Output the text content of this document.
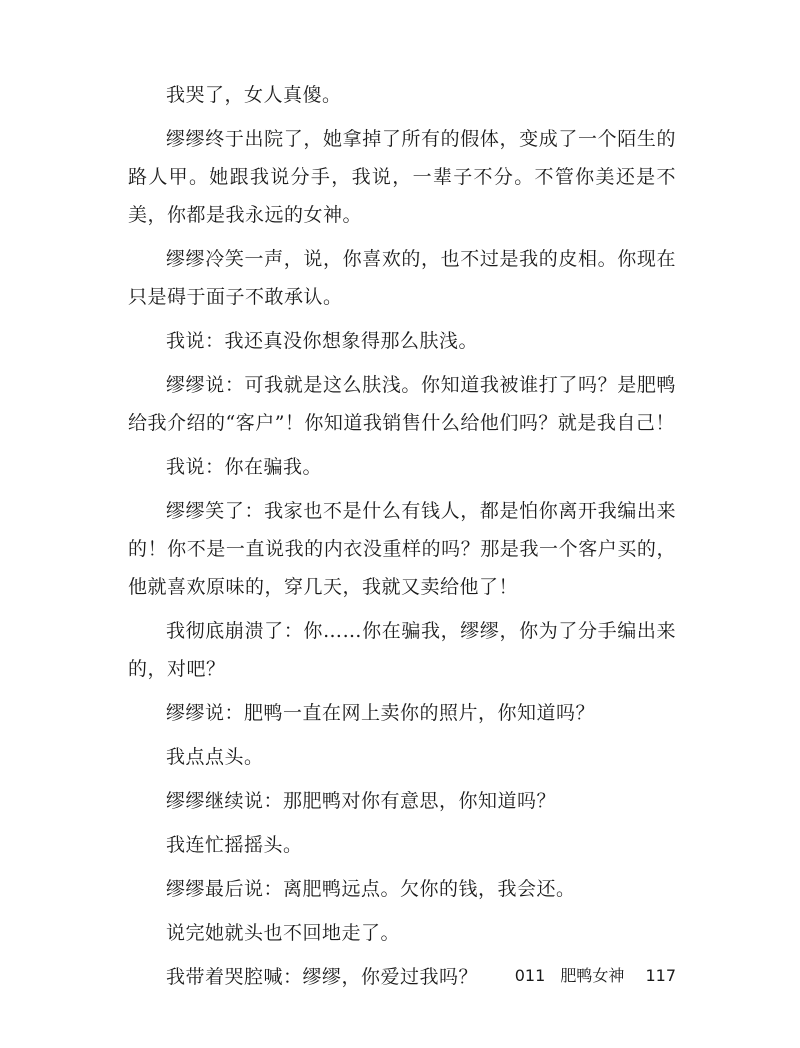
我哭了，女人真傻。

缪缪终于出院了，她拿掉了所有的假体，变成了一个陌生的路人甲。她跟我说分手，我说，一辈子不分。不管你美还是不美，你都是我永远的女神。

缪缪冷笑一声，说，你喜欢的，也不过是我的皮相。你现在只是碍于面子不敢承认。

我说：我还真没你想象得那么肤浅。

缪缪说：可我就是这么肤浅。你知道我被谁打了吗？是肥鸭给我介绍的“客户”！你知道我销售什么给他们吗？就是我自己！

我说：你在骗我。

缪缪笑了：我家也不是什么有钱人，都是怕你离开我编出来的！你不是一直说我的内衣没重样的吗？那是我一个客户买的，他就喜欢原味的，穿几天，我就又卖给他了！

我彻底崩溃了：你……你在骗我，缪缪，你为了分手编出来的，对吧？

缪缪说：肥鸭一直在网上卖你的照片，你知道吗？

我点点头。

缪缪继续说：那肥鸭对你有意思，你知道吗？

我连忙摇摇头。

缪缪最后说：离肥鸭远点。欠你的钱，我会还。

说完她就头也不回地走了。

我带着哭腔喊：缪缪，你爱过我吗？	011 肥鸭女神 117
